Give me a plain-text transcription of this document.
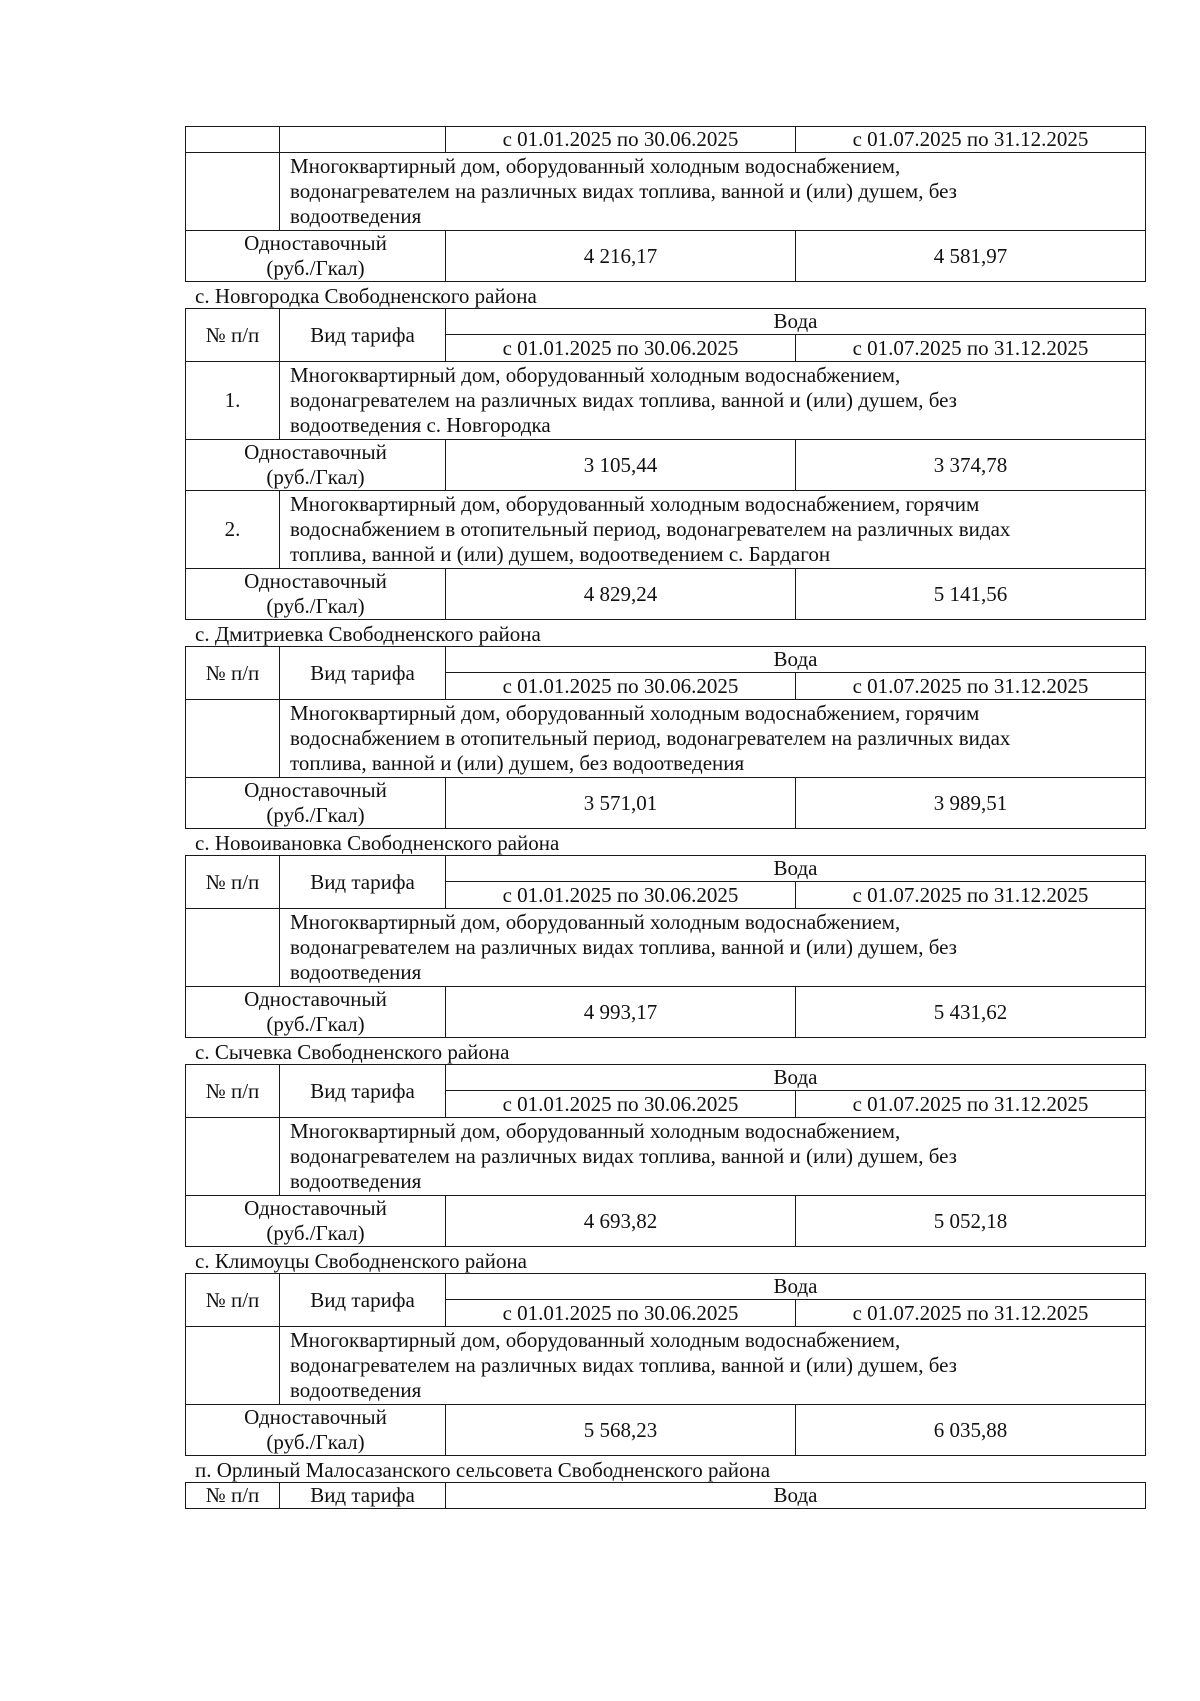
		с 01.01.2025 по 30.06.2025	с 01.07.2025 по 31.12.2025

	Многоквартирный дом, оборудованный холодным водоснабжением,
водонагревателем на различных видах топлива, ванной и (или) душем, без
водоотведения		

Одноставочный
(руб./Гкал)		4 216,17	4 581,97
с. Новгородка Свободненского района
№ п/п	Вид тарифа	Вода	
		с 01.01.2025 по 30.06.2025	с 01.07.2025 по 31.12.2025
1.	Многоквартирный дом, оборудованный холодным водоснабжением,
водонагревателем на различных видах топлива, ванной и (или) душем, без
водоотведения с. Новгородка		

Одноставочный
(руб./Гкал)		3 105,44	3 374,78
2.	Многоквартирный дом, оборудованный холодным водоснабжением, горячим
водоснабжением в отопительный период, водонагревателем на различных видах
топлива, ванной и (или) душем, водоотведением с. Бардагон		

Одноставочный
(руб./Гкал)		4 829,24	5 141,56
с. Дмитриевка Свободненского района
№ п/п	Вид тарифа	Вода	
		с 01.01.2025 по 30.06.2025	с 01.07.2025 по 31.12.2025

	Многоквартирный дом, оборудованный холодным водоснабжением, горячим
водоснабжением в отопительный период, водонагревателем на различных видах
топлива, ванной и (или) душем, без водоотведения		

Одноставочный
(руб./Гкал)		3 571,01	3 989,51
с. Новоивановка Свободненского района
№ п/п	Вид тарифа	Вода	
		с 01.01.2025 по 30.06.2025	с 01.07.2025 по 31.12.2025

	Многоквартирный дом, оборудованный холодным водоснабжением,
водонагревателем на различных видах топлива, ванной и (или) душем, без
водоотведения		

Одноставочный
(руб./Гкал)		4 993,17	5 431,62
с. Сычевка Свободненского района
№ п/п	Вид тарифа	Вода	
		с 01.01.2025 по 30.06.2025	с 01.07.2025 по 31.12.2025

	Многоквартирный дом, оборудованный холодным водоснабжением,
водонагревателем на различных видах топлива, ванной и (или) душем, без
водоотведения		

Одноставочный
(руб./Гкал)		4 693,82	5 052,18
с. Климоуцы Свободненского района
№ п/п	Вид тарифа	Вода	
		с 01.01.2025 по 30.06.2025	с 01.07.2025 по 31.12.2025

	Многоквартирный дом, оборудованный холодным водоснабжением,
водонагревателем на различных видах топлива, ванной и (или) душем, без
водоотведения		

Одноставочный
(руб./Гкал)		5 568,23	6 035,88
п. Орлиный Малосазанского сельсовета Свободненского района
№ п/п	Вид тарифа	Вода
